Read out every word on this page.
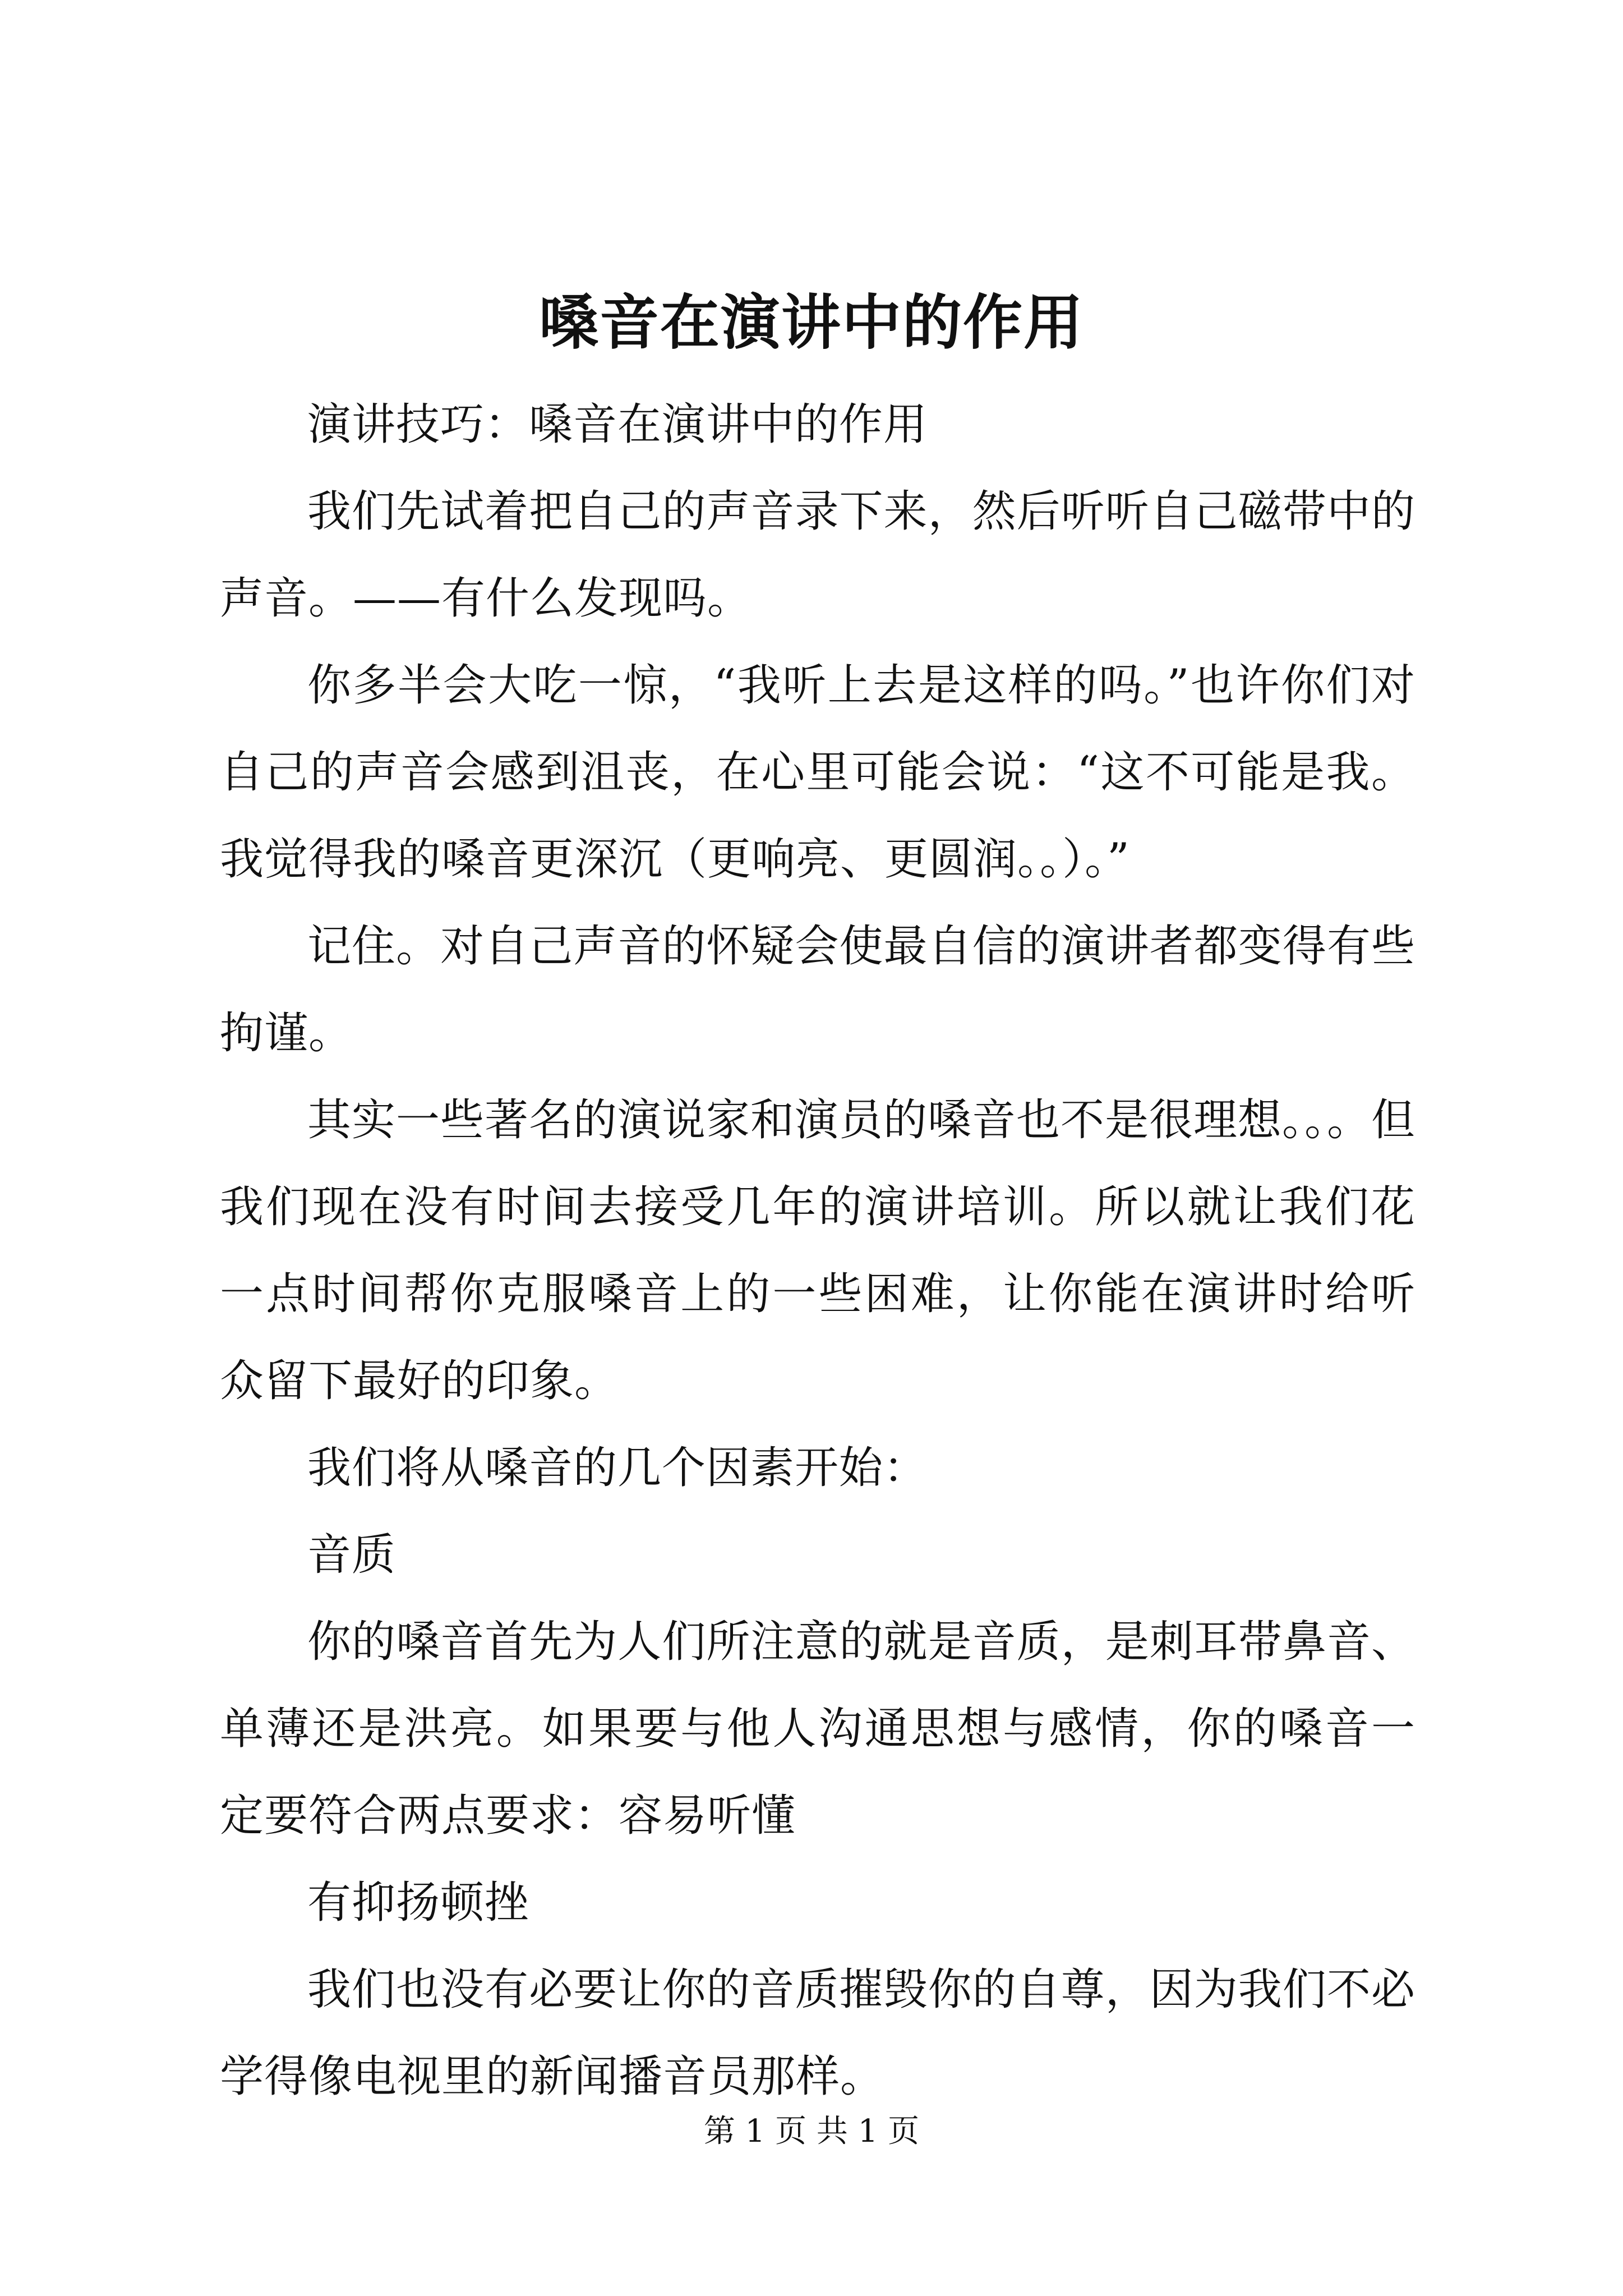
嗓音在演讲中的作用

演讲技巧：嗓音在演讲中的作用

我们先试着把自己的声音录下来，然后听听自己磁带中的声音。——有什么发现吗。

你多半会大吃一惊，“我听上去是这样的吗。”也许你们对自己的声音会感到沮丧，在心里可能会说：“这不可能是我。我觉得我的嗓音更深沉（更响亮、更圆润。。）。”

记住。对自己声音的怀疑会使最自信的演讲者都变得有些拘谨。

其实一些著名的演说家和演员的嗓音也不是很理想。。。但我们现在没有时间去接受几年的演讲培训。所以就让我们花一点时间帮你克服嗓音上的一些困难，让你能在演讲时给听众留下最好的印象。

我们将从嗓音的几个因素开始：

音质

你的嗓音首先为人们所注意的就是音质，是刺耳带鼻音、单薄还是洪亮。如果要与他人沟通思想与感情，你的嗓音一定要符合两点要求：容易听懂

有抑扬顿挫

我们也没有必要让你的音质摧毁你的自尊，因为我们不必学得像电视里的新闻播音员那样。

第 1 页 共 1 页
